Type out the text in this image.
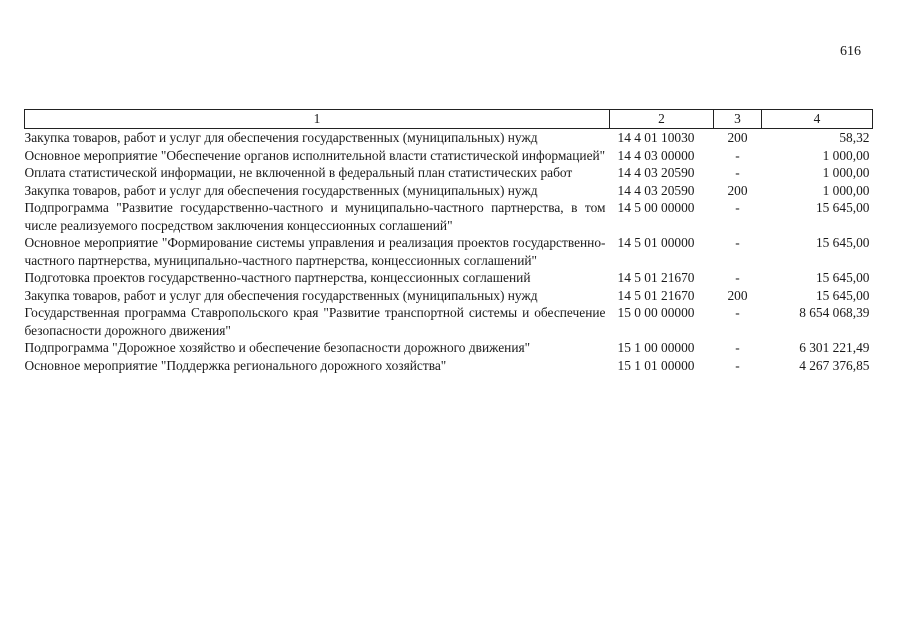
616
1	2	3	4
Закупка товаров, работ и услуг для обеспечения государственных (муниципальных) нужд	14 4 01 10030	200	58,32
Основное мероприятие "Обеспечение органов исполнительной власти статистической информацией"	14 4 03 00000	-	1 000,00
Оплата статистической информации, не включенной в федеральный план статистических работ	14 4 03 20590	-	1 000,00
Закупка товаров, работ и услуг для обеспечения государственных (муниципальных) нужд	14 4 03 20590	200	1 000,00
Подпрограмма "Развитие государственно-частного и муниципально-частного партнерства, в том числе реализуемого посредством заключения концессионных соглашений"	14 5 00 00000	-	15 645,00
Основное мероприятие "Формирование системы управления и реализация проектов государственно-частного партнерства, муниципально-частного партнерства, концессионных соглашений"	14 5 01 00000	-	15 645,00
Подготовка проектов государственно-частного партнерства, концессионных соглашений	14 5 01 21670	-	15 645,00
Закупка товаров, работ и услуг для обеспечения государственных (муниципальных) нужд	14 5 01 21670	200	15 645,00
Государственная программа Ставропольского края "Развитие транспортной системы и обеспечение безопасности дорожного движения"	15 0 00 00000	-	8 654 068,39
Подпрограмма "Дорожное хозяйство и обеспечение безопасности дорожного движения"	15 1 00 00000	-	6 301 221,49
Основное мероприятие "Поддержка регионального дорожного хозяйства"	15 1 01 00000	-	4 267 376,85
